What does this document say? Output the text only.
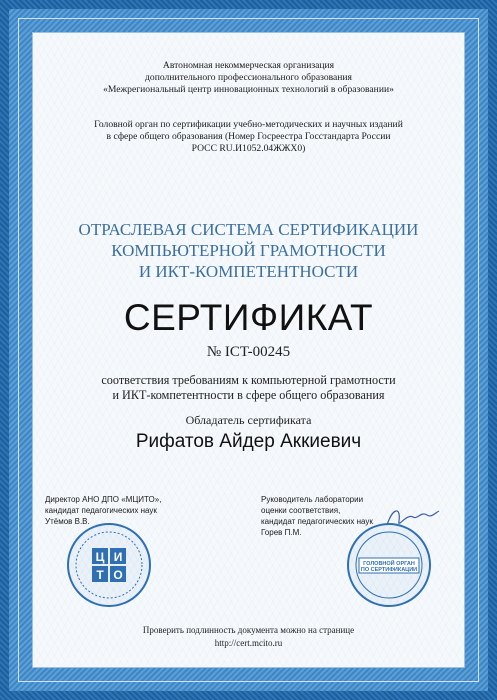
Автономная некоммерческая организация
дополнительного профессионального образования
«Межрегиональный центр инновационных технологий в образовании»
Головной орган по сертификации учебно-методических и научных изданий
в сфере общего образования (Номер Госреестра Госстандарта России
РОСС RU.И1052.04ЖЖХ0)
ОТРАСЛЕВАЯ СИСТЕМА СЕРТИФИКАЦИИ
КОМПЬЮТЕРНОЙ ГРАМОТНОСТИ
И ИКТ-КОМПЕТЕНТНОСТИ
СЕРТИФИКАТ
№ ICT-00245
соответствия требованиям к компьютерной грамотности
и ИКТ-компетентности в сфере общего образования
Обладатель сертификата
Рифатов Айдер Аккиевич
Директор АНО ДПО «МЦИТО»,
кандидат педагогических наук
Утёмов В.В.
Руководитель лаборатории
оценки соответствия,
кандидат педагогических наук
Горев П.М.
Ц И
Т О
ГОЛОВНОЙ ОРГАН
ПО СЕРТИФИКАЦИИ
Проверить подлинность документа можно на странице
http://cert.mcito.ru
